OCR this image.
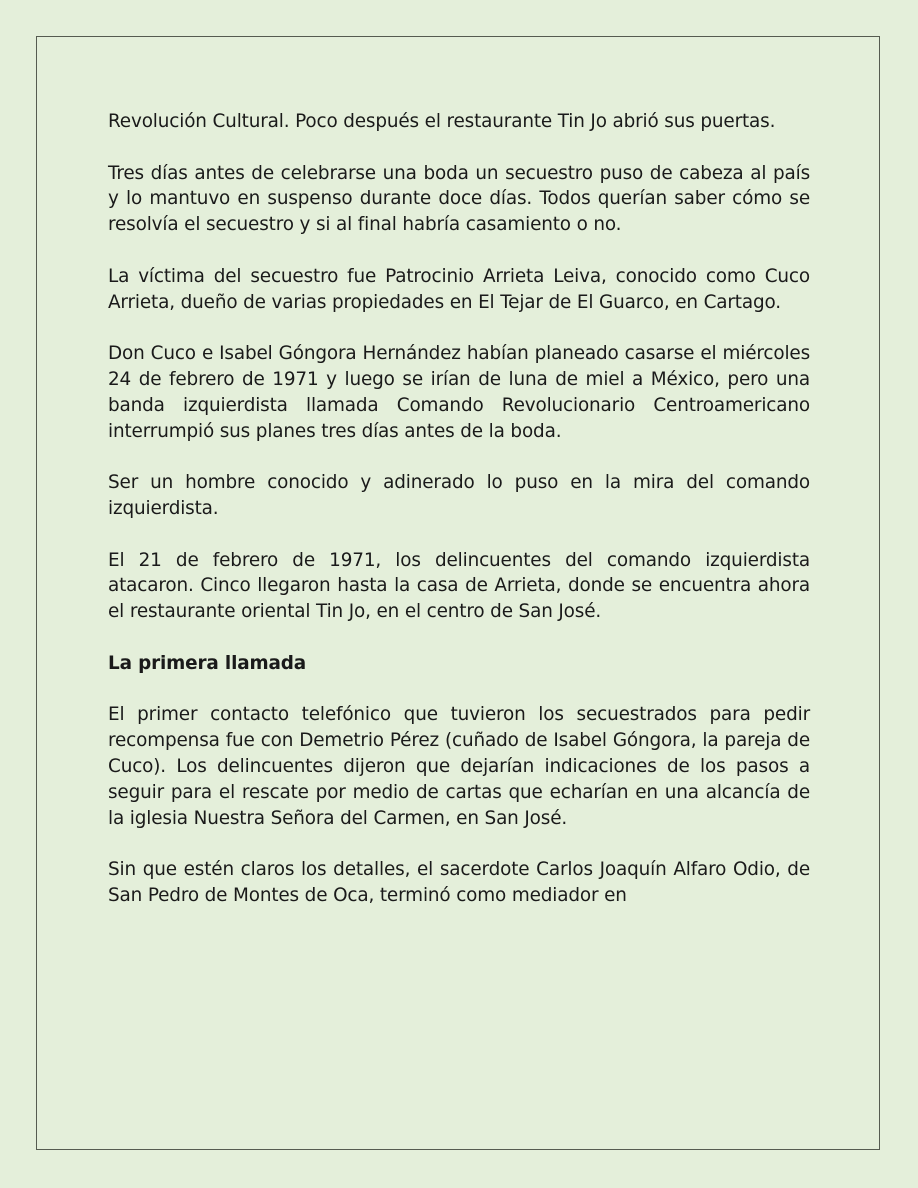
Revolución Cultural. Poco después el restaurante Tin Jo abrió sus puertas.

Tres días antes de celebrarse una boda un secuestro puso de cabeza al país y lo mantuvo en suspenso durante doce días. Todos querían saber cómo se resolvía el secuestro y si al final habría casamiento o no.

La víctima del secuestro fue Patrocinio Arrieta Leiva, conocido como Cuco Arrieta, dueño de varias propiedades en El Tejar de El Guarco, en Cartago.

Don Cuco e Isabel Góngora Hernández habían planeado casarse el miércoles 24 de febrero de 1971 y luego se irían de luna de miel a México, pero una banda izquierdista llamada Comando Revolucionario Centroamericano interrumpió sus planes tres días antes de la boda.

Ser un hombre conocido y adinerado lo puso en la mira del comando izquierdista.

El 21 de febrero de 1971, los delincuentes del comando izquierdista atacaron. Cinco llegaron hasta la casa de Arrieta, donde se encuentra ahora el restaurante oriental Tin Jo, en el centro de San José.

La primera llamada

El primer contacto telefónico que tuvieron los secuestrados para pedir recompensa fue con Demetrio Pérez (cuñado de Isabel Góngora, la pareja de Cuco). Los delincuentes dijeron que dejarían indicaciones de los pasos a seguir para el rescate por medio de cartas que echarían en una alcancía de la iglesia Nuestra Señora del Carmen, en San José.

Sin que estén claros los detalles, el sacerdote Carlos Joaquín Alfaro Odio, de San Pedro de Montes de Oca, terminó como mediador en
